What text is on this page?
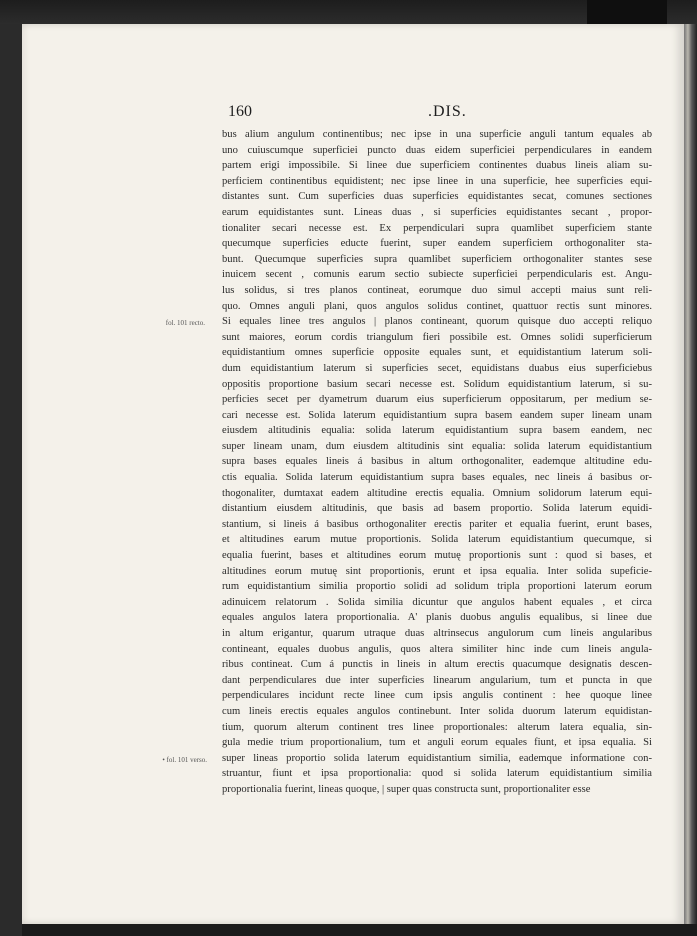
160	.DIS.
bus alium angulum continentibus; nec ipse in una superficie anguli tantum equales ab
uno cuiuscumque superficiei puncto duas eidem superficiei perpendiculares in eandem
partem erigi impossibile. Si linee due superficiem continentes duabus lineis aliam su-
perficiem continentibus equidistent; nec ipse linee in una superficie, hee superficies equi-
distantes sunt. Cum superficies duas superficies equidistantes secat, comunes sectiones
earum equidistantes sunt. Lineas duas , si superficies equidistantes secant , propor-
tionaliter secari necesse est. Ex perpendiculari supra quamlibet superficiem stante
quecumque superficies educte fuerint, super eandem superficiem orthogonaliter sta-
bunt. Quecumque superficies supra quamlibet superficiem orthogonaliter stantes sese
inuicem secent , comunis earum sectio subiecte superficiei perpendicularis est. Angu-
lus solidus, si tres planos contineat, eorumque duo simul accepti maius sunt reli-
quo. Omnes anguli plani, quos angulos solidus continet, quattuor rectis sunt minores.
Si equales linee tres angulos | planos contineant, quorum quisque duo accepti reliquo
sunt maiores, eorum cordis triangulum fieri possibile est. Omnes solidi superficierum
equidistantium omnes superficie opposite equales sunt, et equidistantium laterum soli-
dum equidistantium laterum si superficies secet, equidistans duabus eius superficiebus
oppositis proportione basium secari necesse est. Solidum equidistantium laterum, si su-
perficies secet per dyametrum duarum eius superficierum oppositarum, per medium se-
cari necesse est. Solida laterum equidistantium supra basem eandem super lineam unam
eiusdem altitudinis equalia: solida laterum equidistantium supra basem eandem, nec
super lineam unam, dum eiusdem altitudinis sint equalia: solida laterum equidistantium
supra bases equales lineis á basibus in altum orthogonaliter, eademque altitudine edu-
ctis equalia. Solida laterum equidistantium supra bases equales, nec lineis á basibus or-
thogonaliter, dumtaxat eadem altitudine erectis equalia. Omnium solidorum laterum equi-
distantium eiusdem altitudinis, que basis ad basem proportio. Solida laterum equidi-
stantium, si lineis á basibus orthogonaliter erectis pariter et equalia fuerint, erunt bases,
et altitudines earum mutue proportionis. Solida laterum equidistantium quecumque, si
equalia fuerint, bases et altitudines eorum mutuę proportionis sunt : quod si bases, et
altitudines eorum mutuę sint proportionis, erunt et ipsa equalia. Inter solida supeficie-
rum equidistantium similia proportio solidi ad solidum tripla proportioni laterum eorum
adinuicem relatorum . Solida similia dicuntur que angulos habent equales , et circa
equales angulos latera proportionalia. A' planis duobus angulis equalibus, si linee due
in altum erigantur, quarum utraque duas altrinsecus angulorum cum lineis angularibus
contineant, equales duobus angulis, quos altera similiter hinc inde cum lineis angula-
ribus contineat. Cum á punctis in lineis in altum erectis quacumque designatis descen-
dant perpendiculares due inter superficies linearum angularium, tum et puncta in que
perpendiculares incidunt recte linee cum ipsis angulis continent : hee quoque linee
cum lineis erectis equales angulos continebunt. Inter solida duorum laterum equidistan-
tium, quorum alterum continent tres linee proportionales: alterum latera equalia, sin-
gula medie trium proportionalium, tum et anguli eorum equales fiunt, et ipsa equalia. Si
super lineas proportio solida laterum equidistantium similia, eademque informatione con-
struantur, fiunt et ipsa proportionalia: quod si solida laterum equidistantium similia
proportionalia fuerint, lineas quoque, | super quas constructa sunt, proportionaliter esse
fol. 101 recto.
• fol. 101 verso.
